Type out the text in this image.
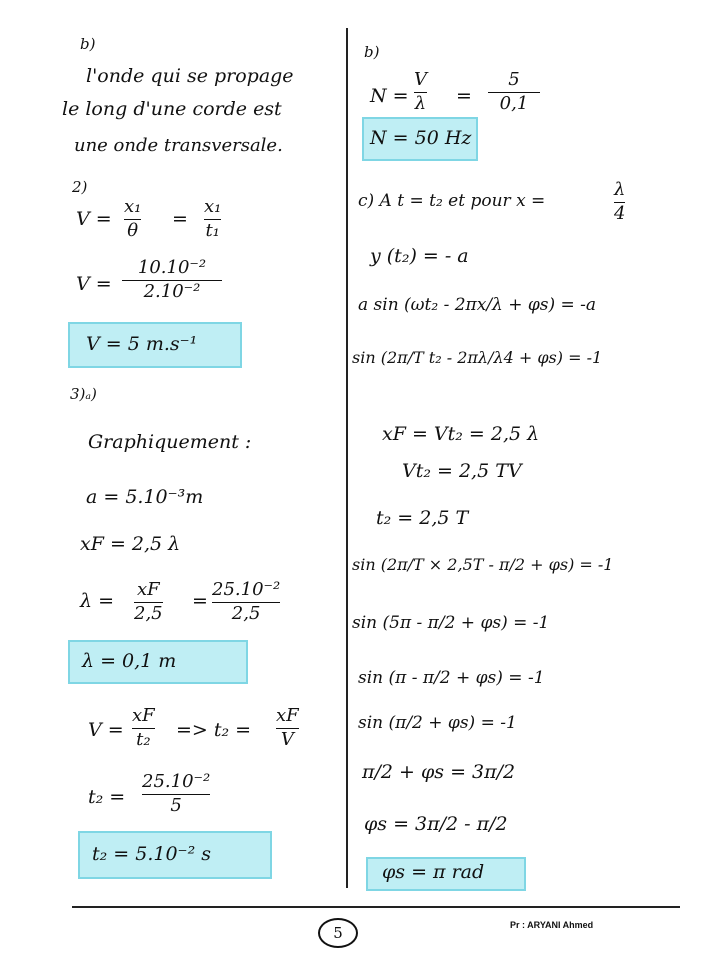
b)
l'onde qui se propage
le long d'une corde est
une onde transversale.
2)
V =
x₁
θ
=
x₁
t₁
V =
10.10⁻²
2.10⁻²
V = 5 m.s⁻¹
3)ₐ)
Graphiquement :
a = 5.10⁻³m
xF = 2,5 λ
λ =
xF
2,5
=
25.10⁻²
2,5
λ = 0,1 m
V =
xF
t₂ => t₂ =
xF
V
t₂ =
25.10⁻²
5
t₂ = 5.10⁻² s
b)
N =
V
λ =
5
0,1
N = 50 Hz
c) A t = t₂ et pour x =
λ
4
y (t₂) = - a
a sin (ωt₂ - 2πx/λ + φs) = -a
sin (2π/T t₂ - 2πλ/λ4 + φs) = -1
xF = Vt₂ = 2,5 λ
Vt₂ = 2,5 TV
t₂ = 2,5 T
sin (2π/T × 2,5T - π/2 + φs) = -1
sin (5π - π/2 + φs) = -1
sin (π - π/2 + φs) = -1
sin (π/2 + φs) = -1
π/2 + φs = 3π/2
φs = 3π/2 - π/2
φs = π rad
5	Pr : ARYANI Ahmed
